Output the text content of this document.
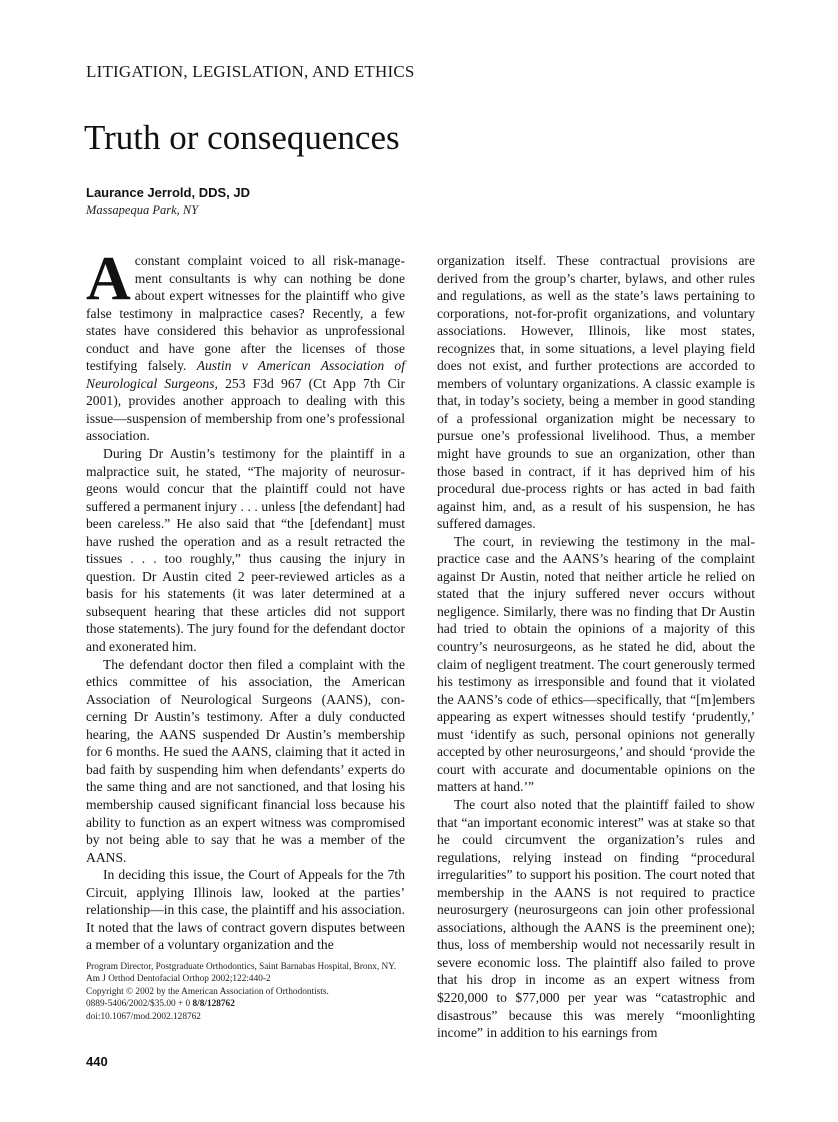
LITIGATION, LEGISLATION, AND ETHICS
Truth or consequences
Laurance Jerrold, DDS, JD
Massapequa Park, NY

Aconstant complaint voiced to all risk-management consultants is why can nothing be done about expert witnesses for the plaintiff who give false testimony in malpractice cases? Recently, a few states have considered this behavior as unprofessional conduct and have gone after the licenses of those testifying falsely. Austin v American Association of Neurological Surgeons, 253 F3d 967 (Ct App 7th Cir 2001), provides another approach to dealing with this issue—suspension of membership from one’s professional association.

During Dr Austin’s testimony for the plaintiff in a malpractice suit, he stated, “The majority of neurosurgeons would concur that the plaintiff could not have suffered a permanent injury . . . unless [the defendant] had been careless.” He also said that “the [defendant] must have rushed the operation and as a result retracted the tissues . . . too roughly,” thus causing the injury in question. Dr Austin cited 2 peer-reviewed articles as a basis for his statements (it was later determined at a subsequent hearing that these articles did not support those statements). The jury found for the defendant doctor and exonerated him.

The defendant doctor then filed a complaint with the ethics committee of his association, the American Association of Neurological Surgeons (AANS), concerning Dr Austin’s testimony. After a duly conducted hearing, the AANS suspended Dr Austin’s membership for 6 months. He sued the AANS, claiming that it acted in bad faith by suspending him when defendants’ experts do the same thing and are not sanctioned, and that losing his membership caused significant financial loss because his ability to function as an expert witness was compromised by not being able to say that he was a member of the AANS.

In deciding this issue, the Court of Appeals for the 7th Circuit, applying Illinois law, looked at the parties’ relationship—in this case, the plaintiff and his association. It noted that the laws of contract govern disputes between a member of a voluntary organization and the

organization itself. These contractual provisions are derived from the group’s charter, bylaws, and other rules and regulations, as well as the state’s laws pertaining to corporations, not-for-profit organizations, and voluntary associations. However, Illinois, like most states, recognizes that, in some situations, a level playing field does not exist, and further protections are accorded to members of voluntary organizations. A classic example is that, in today’s society, being a member in good standing of a professional organization might be necessary to pursue one’s professional livelihood. Thus, a member might have grounds to sue an organization, other than those based in contract, if it has deprived him of his procedural due-process rights or has acted in bad faith against him, and, as a result of his suspension, he has suffered damages.

The court, in reviewing the testimony in the malpractice case and the AANS’s hearing of the complaint against Dr Austin, noted that neither article he relied on stated that the injury suffered never occurs without negligence. Similarly, there was no finding that Dr Austin had tried to obtain the opinions of a majority of this country’s neurosurgeons, as he stated he did, about the claim of negligent treatment. The court generously termed his testimony as irresponsible and found that it violated the AANS’s code of ethics—specifically, that “[m]embers appearing as expert witnesses should testify ‘prudently,’ must ‘identify as such, personal opinions not generally accepted by other neurosurgeons,’ and should ‘provide the court with accurate and documentable opinions on the matters at hand.’”

The court also noted that the plaintiff failed to show that “an important economic interest” was at stake so that he could circumvent the organization’s rules and regulations, relying instead on finding “procedural irregularities” to support his position. The court noted that membership in the AANS is not required to practice neurosurgery (neurosurgeons can join other professional associations, although the AANS is the preeminent one); thus, loss of membership would not necessarily result in severe economic loss. The plaintiff also failed to prove that his drop in income as an expert witness from $220,000 to $77,000 per year was “catastrophic and disastrous” because this was merely “moonlighting income” in addition to his earnings from

Program Director, Postgraduate Orthodontics, Saint Barnabas Hospital, Bronx, NY.
Am J Orthod Dentofacial Orthop 2002;122:440-2
Copyright © 2002 by the American Association of Orthodontists.
0889-5406/2002/$35.00 + 0 8/8/128762
doi:10.1067/mod.2002.128762
440
